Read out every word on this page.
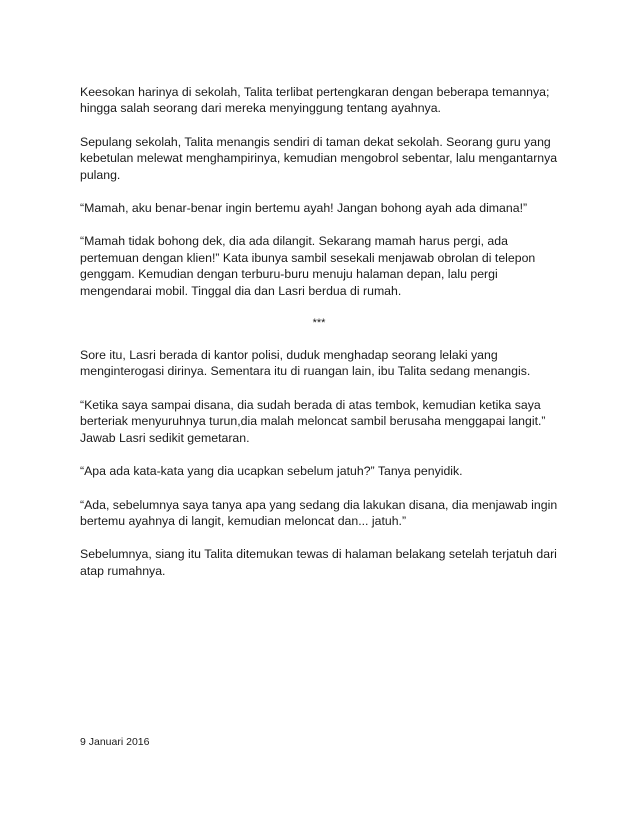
Keesokan harinya di sekolah, Talita terlibat pertengkaran dengan beberapa temannya; hingga salah seorang dari mereka menyinggung tentang ayahnya.

Sepulang sekolah, Talita menangis sendiri di taman dekat sekolah. Seorang guru yang kebetulan melewat menghampirinya, kemudian mengobrol sebentar, lalu mengantarnya pulang.

“Mamah, aku benar-benar ingin bertemu ayah! Jangan bohong ayah ada dimana!”

“Mamah tidak bohong dek, dia ada dilangit. Sekarang mamah harus pergi, ada pertemuan dengan klien!” Kata ibunya sambil sesekali menjawab obrolan di telepon genggam. Kemudian dengan terburu-buru menuju halaman depan, lalu pergi mengendarai mobil. Tinggal dia dan Lasri berdua di rumah.

***

Sore itu, Lasri berada di kantor polisi, duduk menghadap seorang lelaki yang menginterogasi dirinya. Sementara itu di ruangan lain, ibu Talita sedang menangis.

“Ketika saya sampai disana, dia sudah berada di atas tembok, kemudian ketika saya berteriak menyuruhnya turun,dia malah meloncat sambil berusaha menggapai langit.” Jawab Lasri sedikit gemetaran.

“Apa ada kata-kata yang dia ucapkan sebelum jatuh?” Tanya penyidik.

“Ada, sebelumnya saya tanya apa yang sedang dia lakukan disana, dia menjawab ingin bertemu ayahnya di langit, kemudian meloncat dan... jatuh.”

Sebelumnya, siang itu Talita ditemukan tewas di halaman belakang setelah terjatuh dari atap rumahnya.

9 Januari 2016
